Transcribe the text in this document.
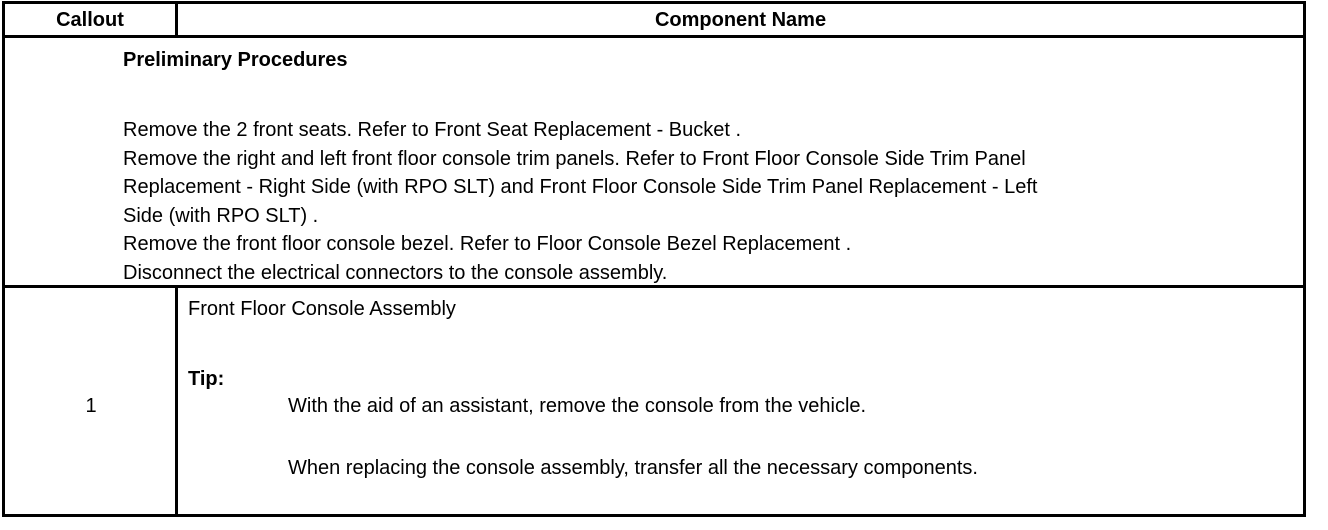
Callout	Component Name
Preliminary Procedures
Remove the 2 front seats. Refer to Front Seat Replacement - Bucket .
Remove the right and left front floor console trim panels. Refer to Front Floor Console Side Trim Panel
Replacement - Right Side (with RPO SLT) and Front Floor Console Side Trim Panel Replacement - Left
Side (with RPO SLT) .
Remove the front floor console bezel. Refer to Floor Console Bezel Replacement .
Disconnect the electrical connectors to the console assembly.
1
Front Floor Console Assembly
Tip:
With the aid of an assistant, remove the console from the vehicle.
When replacing the console assembly, transfer all the necessary components.
